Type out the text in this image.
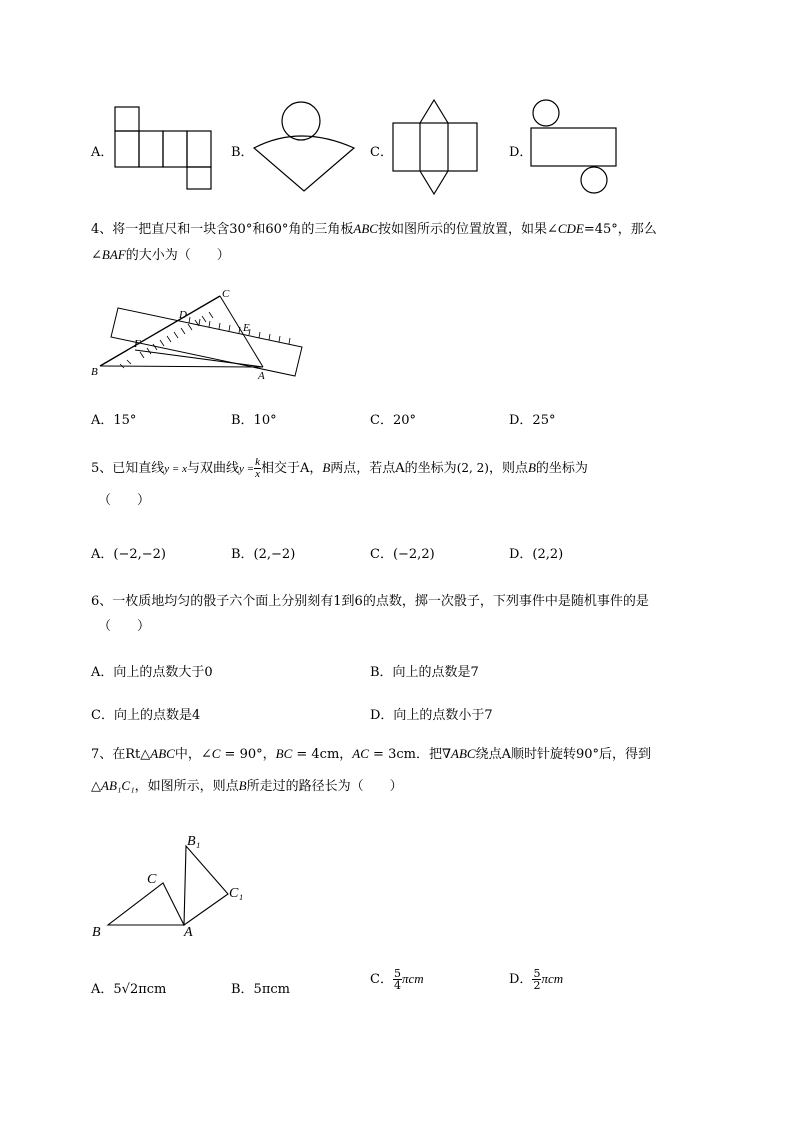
A．	B．	C．	D．
4、将一把直尺和一块含30°和60°角的三角板ABC按如图所示的位置放置，如果∠CDE=45°，那么
∠BAF的大小为（　　）
C
D
E
F
B	A
A．15°	B．10°	C．20°	D．25°
5、已知直线y = x与双曲线$y = \frac{k}{x}$ 相交于A，B两点，若点A的坐标为(2, 2)，则点B的坐标为
（　　）
A．(−2,−2)	B．(2,−2)	C．(−2,2)	D．(2,2)
6、一枚质地均匀的骰子六个面上分别刻有1到6的点数，掷一次骰子，下列事件中是随机事件的是
（　　）
A．向上的点数大于0	B．向上的点数是7
C．向上的点数是4	D．向上的点数小于7
7、在Rt△ABC中，∠C = 90°，BC = 4cm，AC = 3cm．把∇ABC绕点A顺时针旋转90°后，得到
△AB₁C₁，如图所示，则点B所走过的路径长为（　　）
B₁
C
C₁
B	A
A．5√2πcm	B．5πcm
C． $\frac{5}{4}$ πcm	D． $\frac{5}{2}$ πcm
